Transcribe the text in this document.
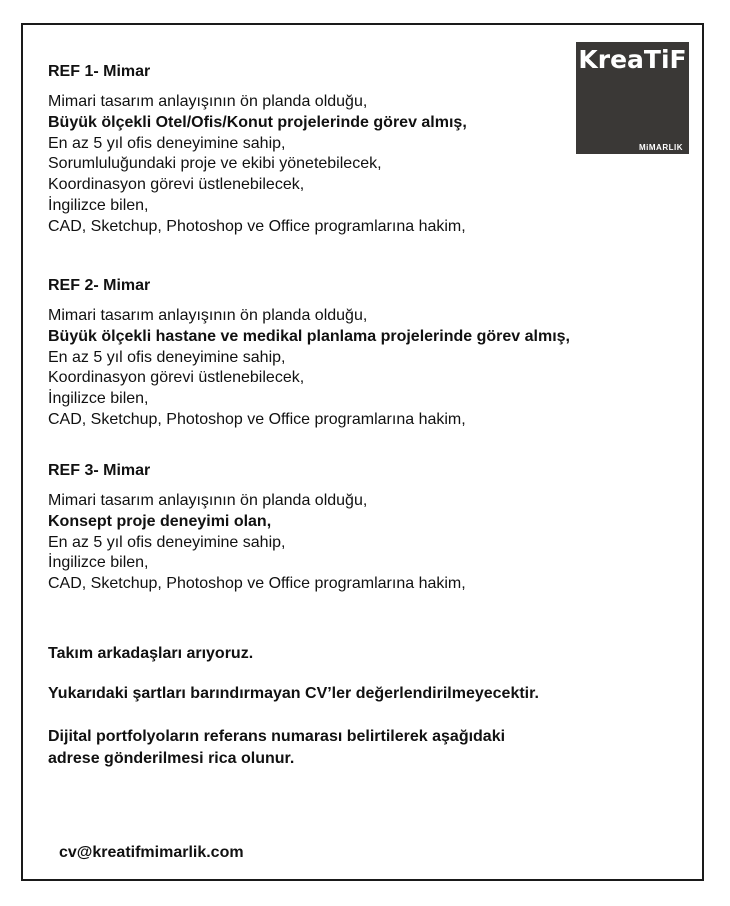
KreaTiF
MiMARLIK
REF 1- Mimar
Mimari tasarım anlayışının ön planda olduğu,
Büyük ölçekli Otel/Ofis/Konut projelerinde görev almış,
En az 5 yıl ofis deneyimine sahip,
Sorumluluğundaki proje ve ekibi yönetebilecek,
Koordinasyon görevi üstlenebilecek,
İngilizce bilen,
CAD, Sketchup, Photoshop ve Office programlarına hakim,
REF 2- Mimar
Mimari tasarım anlayışının ön planda olduğu,
Büyük ölçekli hastane ve medikal planlama projelerinde görev almış,
En az 5 yıl ofis deneyimine sahip,
Koordinasyon görevi üstlenebilecek,
İngilizce bilen,
CAD, Sketchup, Photoshop ve Office programlarına hakim,
REF 3- Mimar
Mimari tasarım anlayışının ön planda olduğu,
Konsept proje deneyimi olan,
En az 5 yıl ofis deneyimine sahip,
İngilizce bilen,
CAD, Sketchup, Photoshop ve Office programlarına hakim,
Takım arkadaşları arıyoruz.
Yukarıdaki şartları barındırmayan CV’ler değerlendirilmeyecektir.
Dijital portfolyoların referans numarası belirtilerek aşağıdaki
adrese gönderilmesi rica olunur.
cv@kreatifmimarlik.com
